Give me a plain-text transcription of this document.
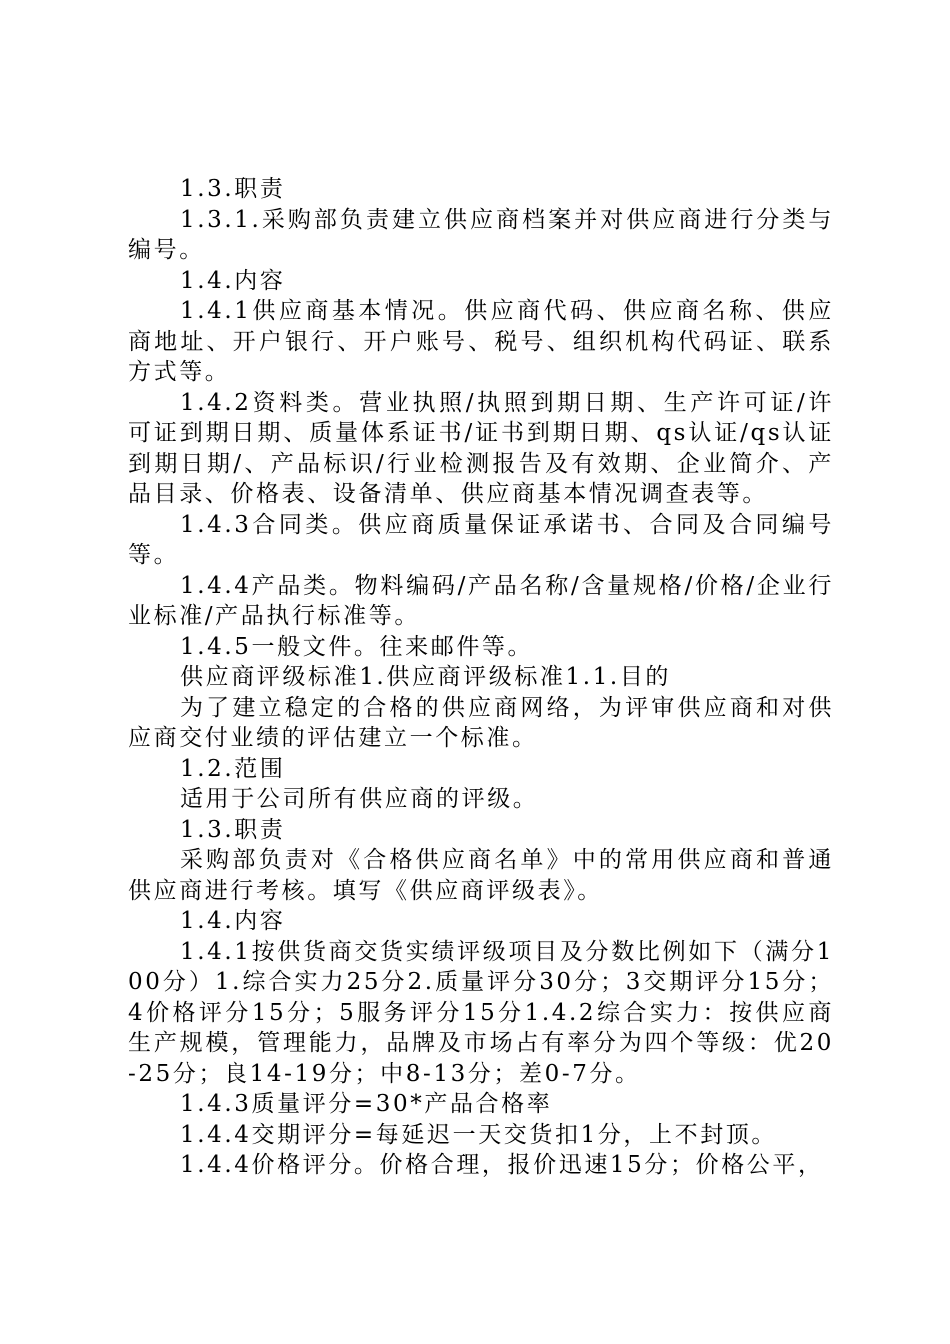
1.3.职责

1.3.1.采购部负责建立供应商档案并对供应商进行分类与编号。

1.4.内容

1.4.1供应商基本情况。供应商代码、供应商名称、供应商地址、开户银行、开户账号、税号、组织机构代码证、联系方式等。

1.4.2资料类。营业执照/执照到期日期、生产许可证/许可证到期日期、质量体系证书/证书到期日期、qs认证/qs认证到期日期/、产品标识/行业检测报告及有效期、企业简介、产品目录、价格表、设备清单、供应商基本情况调查表等。

1.4.3合同类。供应商质量保证承诺书、合同及合同编号等。

1.4.4产品类。物料编码/产品名称/含量规格/价格/企业行业标准/产品执行标准等。

1.4.5一般文件。往来邮件等。

供应商评级标准1.供应商评级标准1.1.目的

为了建立稳定的合格的供应商网络，为评审供应商和对供应商交付业绩的评估建立一个标准。

1.2.范围

适用于公司所有供应商的评级。

1.3.职责

采购部负责对《合格供应商名单》中的常用供应商和普通供应商进行考核。填写《供应商评级表》。

1.4.内容

1.4.1按供货商交货实绩评级项目及分数比例如下（满分100分）1.综合实力25分2.质量评分30分；3交期评分15分；4价格评分15分；5服务评分15分1.4.2综合实力：按供应商生产规模，管理能力，品牌及市场占有率分为四个等级：优20-25分；良14-19分；中8-13分；差0-7分。

1.4.3质量评分=30*产品合格率

1.4.4交期评分=每延迟一天交货扣1分，上不封顶。

1.4.4价格评分。价格合理，报价迅速15分；价格公平，
